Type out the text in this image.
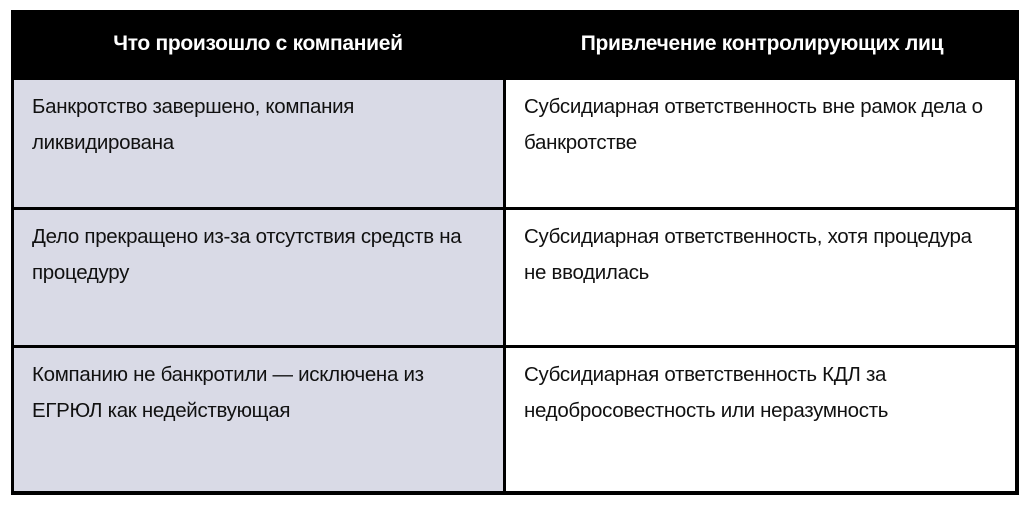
Что произошло с компанией	Привлечение контролирующих лиц
Банкротство завершено, компания ликвидирована
Субсидиарная ответственность вне рамок дела о банкротстве
Дело прекращено из-за отсутствия средств на процедуру
Субсидиарная ответственность, хотя процедура не вводилась
Компанию не банкротили — исключена из ЕГРЮЛ как недействующая
Субсидиарная ответственность КДЛ за недобросовестность или неразумность
